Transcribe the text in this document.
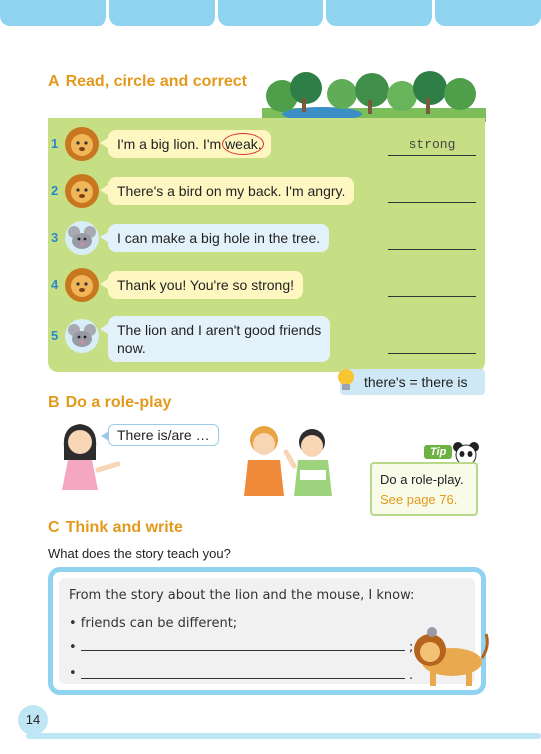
A Read, circle and correct
1	I'm a big lion. I'm weak.	strong
2	There's a bird on my back. I'm angry.
3	I can make a big hole in the tree.
4	Thank you! You're so strong!
5	The lion and I aren't good friends
now.
there's = there is
B Do a role-play
There is/are …
Tip
Do a role-play.
See page 76.
C Think and write
What does the story teach you?
From the story about the lion and the mouse, I know:
• friends can be different;
•	;
•	.
14
